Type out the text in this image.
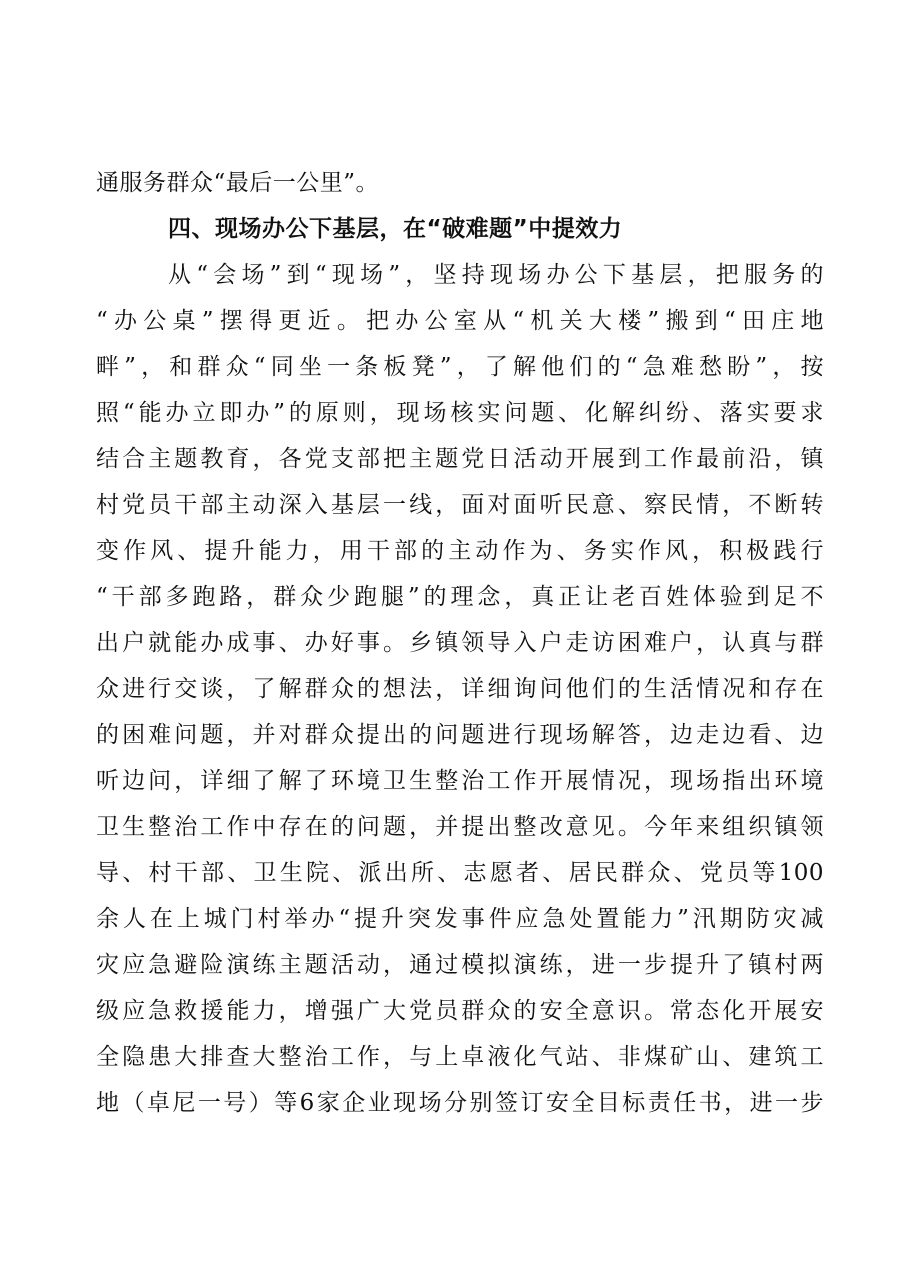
通服务群众“最后一公里”。
四、现场办公下基层，在“破难题”中提效力
从“会场”到“现场”，坚持现场办公下基层，把服务的
“办公桌”摆得更近。把办公室从“机关大楼”搬到“田庄地
畔”，和群众“同坐一条板凳”，了解他们的“急难愁盼”，按
照“能办立即办”的原则，现场核实问题、化解纠纷、落实要求
结合主题教育，各党支部把主题党日活动开展到工作最前沿，镇
村党员干部主动深入基层一线，面对面听民意、察民情，不断转
变作风、提升能力，用干部的主动作为、务实作风，积极践行
“干部多跑路，群众少跑腿”的理念，真正让老百姓体验到足不
出户就能办成事、办好事。乡镇领导入户走访困难户，认真与群
众进行交谈，了解群众的想法，详细询问他们的生活情况和存在
的困难问题，并对群众提出的问题进行现场解答，边走边看、边
听边问，详细了解了环境卫生整治工作开展情况，现场指出环境
卫生整治工作中存在的问题，并提出整改意见。今年来组织镇领
导、村干部、卫生院、派出所、志愿者、居民群众、党员等100
余人在上城门村举办“提升突发事件应急处置能力”汛期防灾减
灾应急避险演练主题活动，通过模拟演练，进一步提升了镇村两
级应急救援能力，增强广大党员群众的安全意识。常态化开展安
全隐患大排查大整治工作，与上卓液化气站、非煤矿山、建筑工
地（卓尼一号）等6家企业现场分别签订安全目标责任书，进一步
